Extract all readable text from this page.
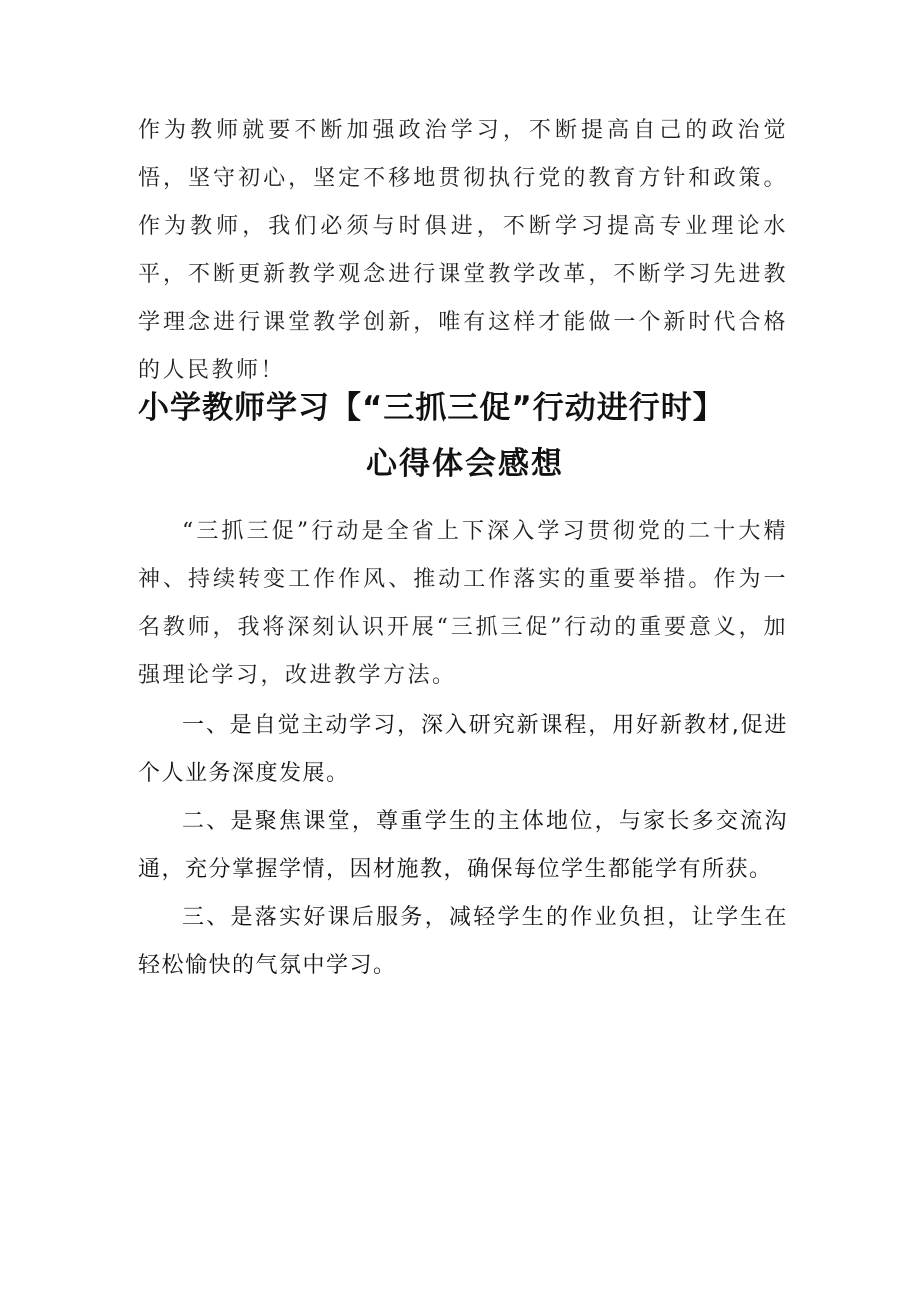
作为教师就要不断加强政治学习，不断提高自己的政治觉悟，坚守初心，坚定不移地贯彻执行党的教育方针和政策。作为教师，我们必须与时俱进，不断学习提高专业理论水平，不断更新教学观念进行课堂教学改革，不断学习先进教学理念进行课堂教学创新，唯有这样才能做一个新时代合格的人民教师！

小学教师学习【“三抓三促”行动进行时】
心得体会感想

“三抓三促”行动是全省上下深入学习贯彻党的二十大精神、持续转变工作作风、推动工作落实的重要举措。作为一名教师，我将深刻认识开展“三抓三促”行动的重要意义，加强理论学习，改进教学方法。

一、是自觉主动学习，深入研究新课程，用好新教材,促进个人业务深度发展。

二、是聚焦课堂，尊重学生的主体地位，与家长多交流沟通，充分掌握学情，因材施教，确保每位学生都能学有所获。

三、是落实好课后服务，减轻学生的作业负担，让学生在轻松愉快的气氛中学习。
